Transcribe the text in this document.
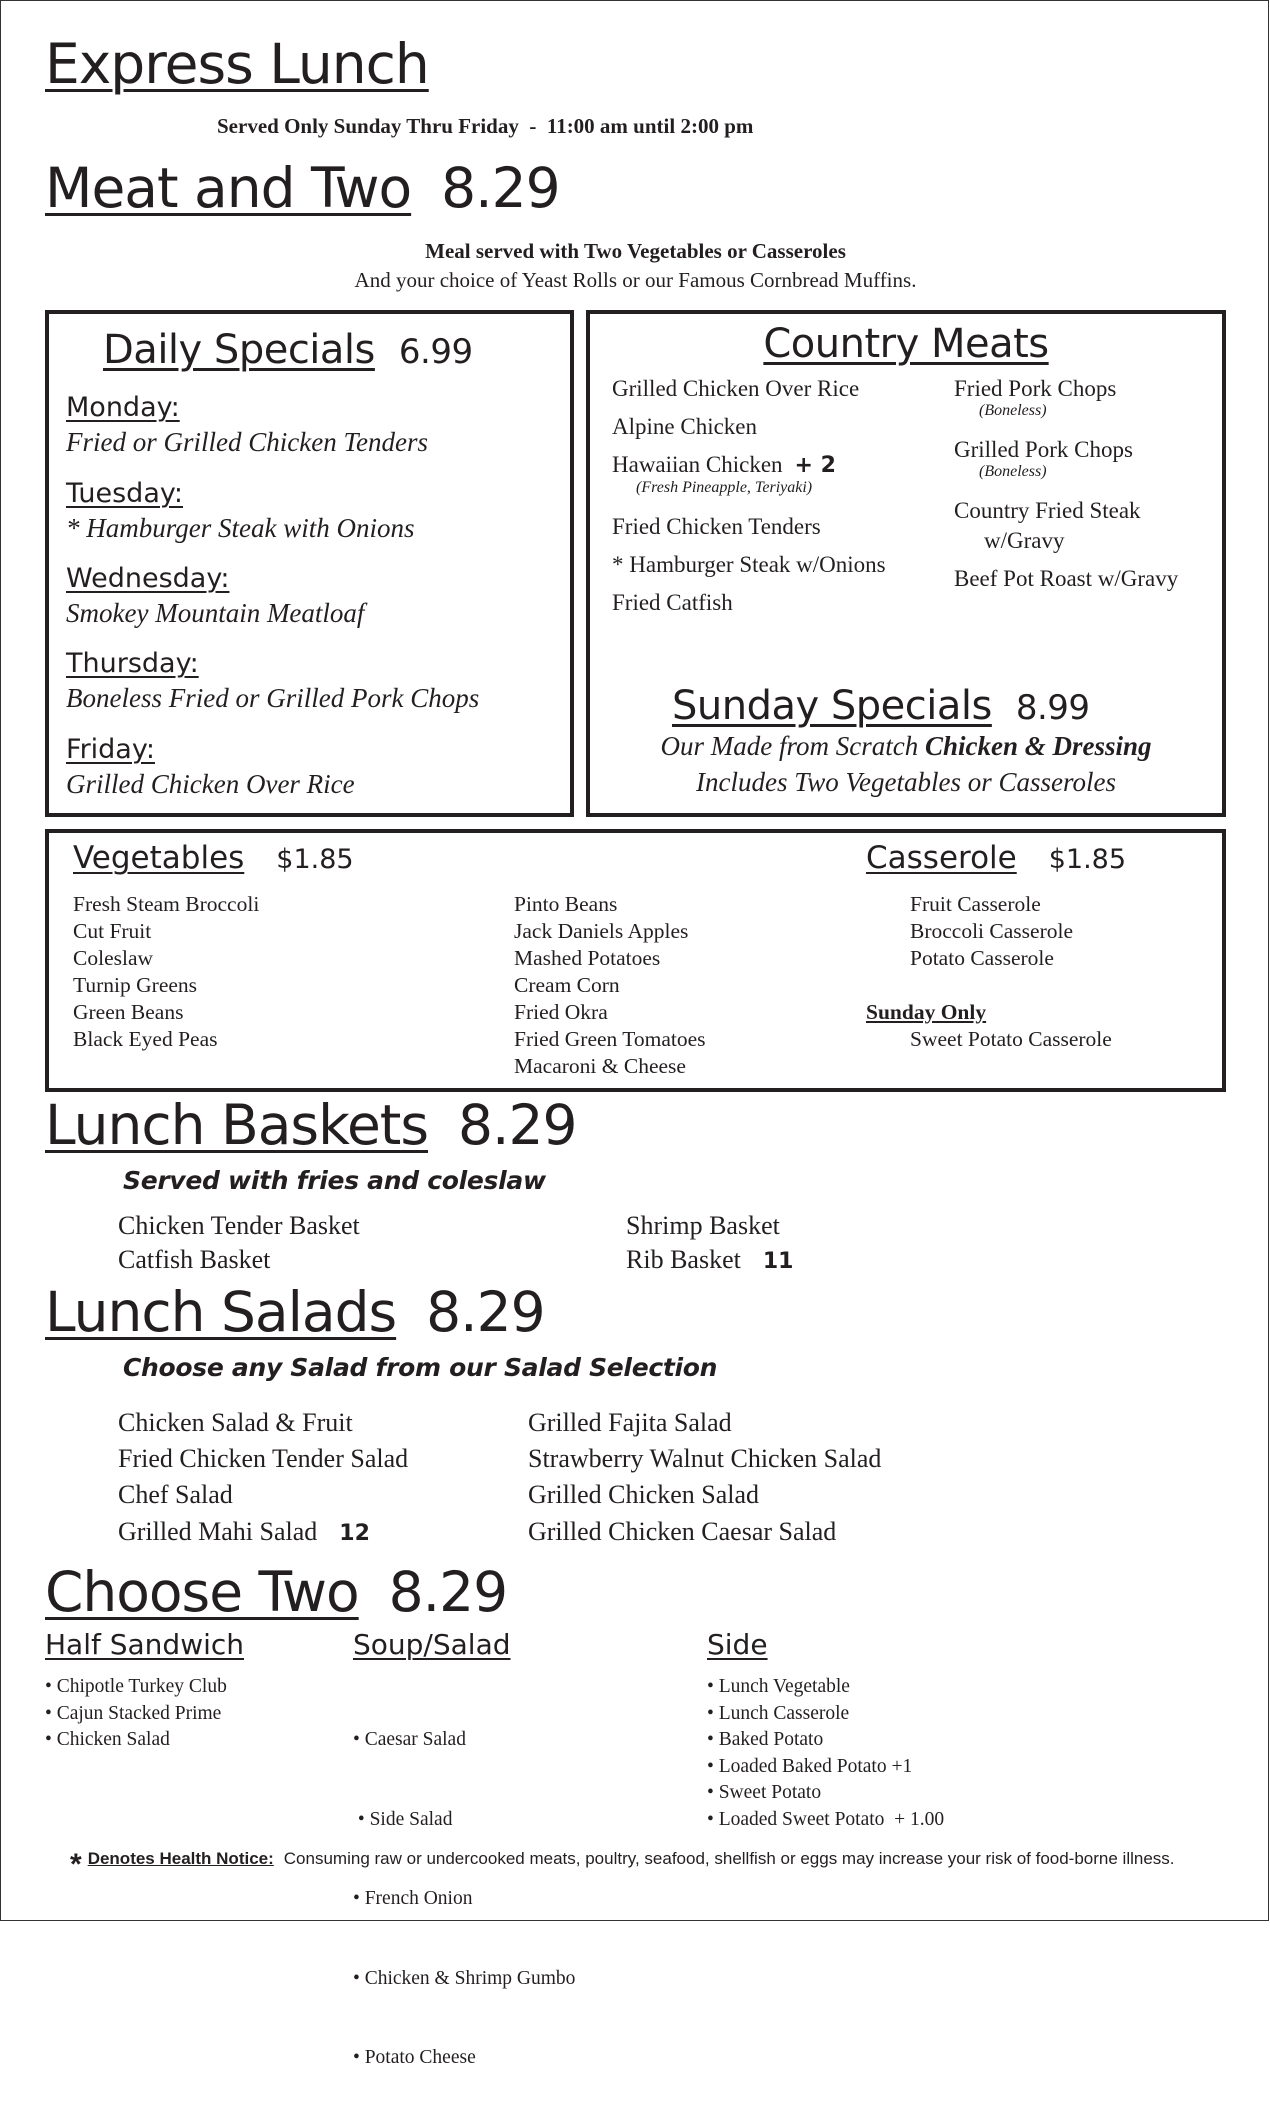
Express Lunch
Served Only Sunday Thru Friday  -  11:00 am until 2:00 pm
Meat and Two 8.29
Meal served with Two Vegetables or Casseroles
And your choice of Yeast Rolls or our Famous Cornbread Muffins.
Daily Specials 6.99
Monday:
Fried or Grilled Chicken Tenders
Tuesday:
* Hamburger Steak with Onions
Wednesday:
Smokey Mountain Meatloaf
Thursday:
Boneless Fried or Grilled Pork Chops
Friday:
Grilled Chicken Over Rice
Country Meats
Grilled Chicken Over Rice
Alpine Chicken
Hawaiian Chicken + 2
(Fresh Pineapple, Teriyaki)
Fried Chicken Tenders
* Hamburger Steak w/Onions
Fried Catfish
Fried Pork Chops
(Boneless)
Grilled Pork Chops
(Boneless)
Country Fried Steak
w/Gravy
Beef Pot Roast w/Gravy
Sunday Specials 8.99
Our Made from Scratch Chicken & Dressing
Includes Two Vegetables or Casseroles
Vegetables $1.85
Fresh Steam Broccoli
Cut Fruit
Coleslaw
Turnip Greens
Green Beans
Black Eyed Peas
Pinto Beans
Jack Daniels Apples
Mashed Potatoes
Cream Corn
Fried Okra
Fried Green Tomatoes
Macaroni & Cheese
Casserole $1.85
Fruit Casserole
Broccoli Casserole
Potato Casserole
Sunday Only
Sweet Potato Casserole
Lunch Baskets 8.29
Served with fries and coleslaw
Chicken Tender Basket
Catfish Basket
Shrimp Basket
Rib Basket 11
Lunch Salads 8.29
Choose any Salad from our Salad Selection
Chicken Salad & Fruit
Fried Chicken Tender Salad
Chef Salad
Grilled Mahi Salad 12
Grilled Fajita Salad
Strawberry Walnut Chicken Salad
Grilled Chicken Salad
Grilled Chicken Caesar Salad
Choose Two 8.29
Half Sandwich
• Chipotle Turkey Club
• Cajun Stacked Prime
• Chicken Salad
Soup/Salad

• Caesar Salad

• Side Salad

• French Onion

• Chicken & Shrimp Gumbo

• Potato Cheese

Side
• Lunch Vegetable
• Lunch Casserole
• Baked Potato
• Loaded Baked Potato +1
• Sweet Potato
• Loaded Sweet Potato  + 1.00
* Denotes Health Notice: Consuming raw or undercooked meats, poultry, seafood, shellfish or eggs may increase your risk of food-borne illness.
